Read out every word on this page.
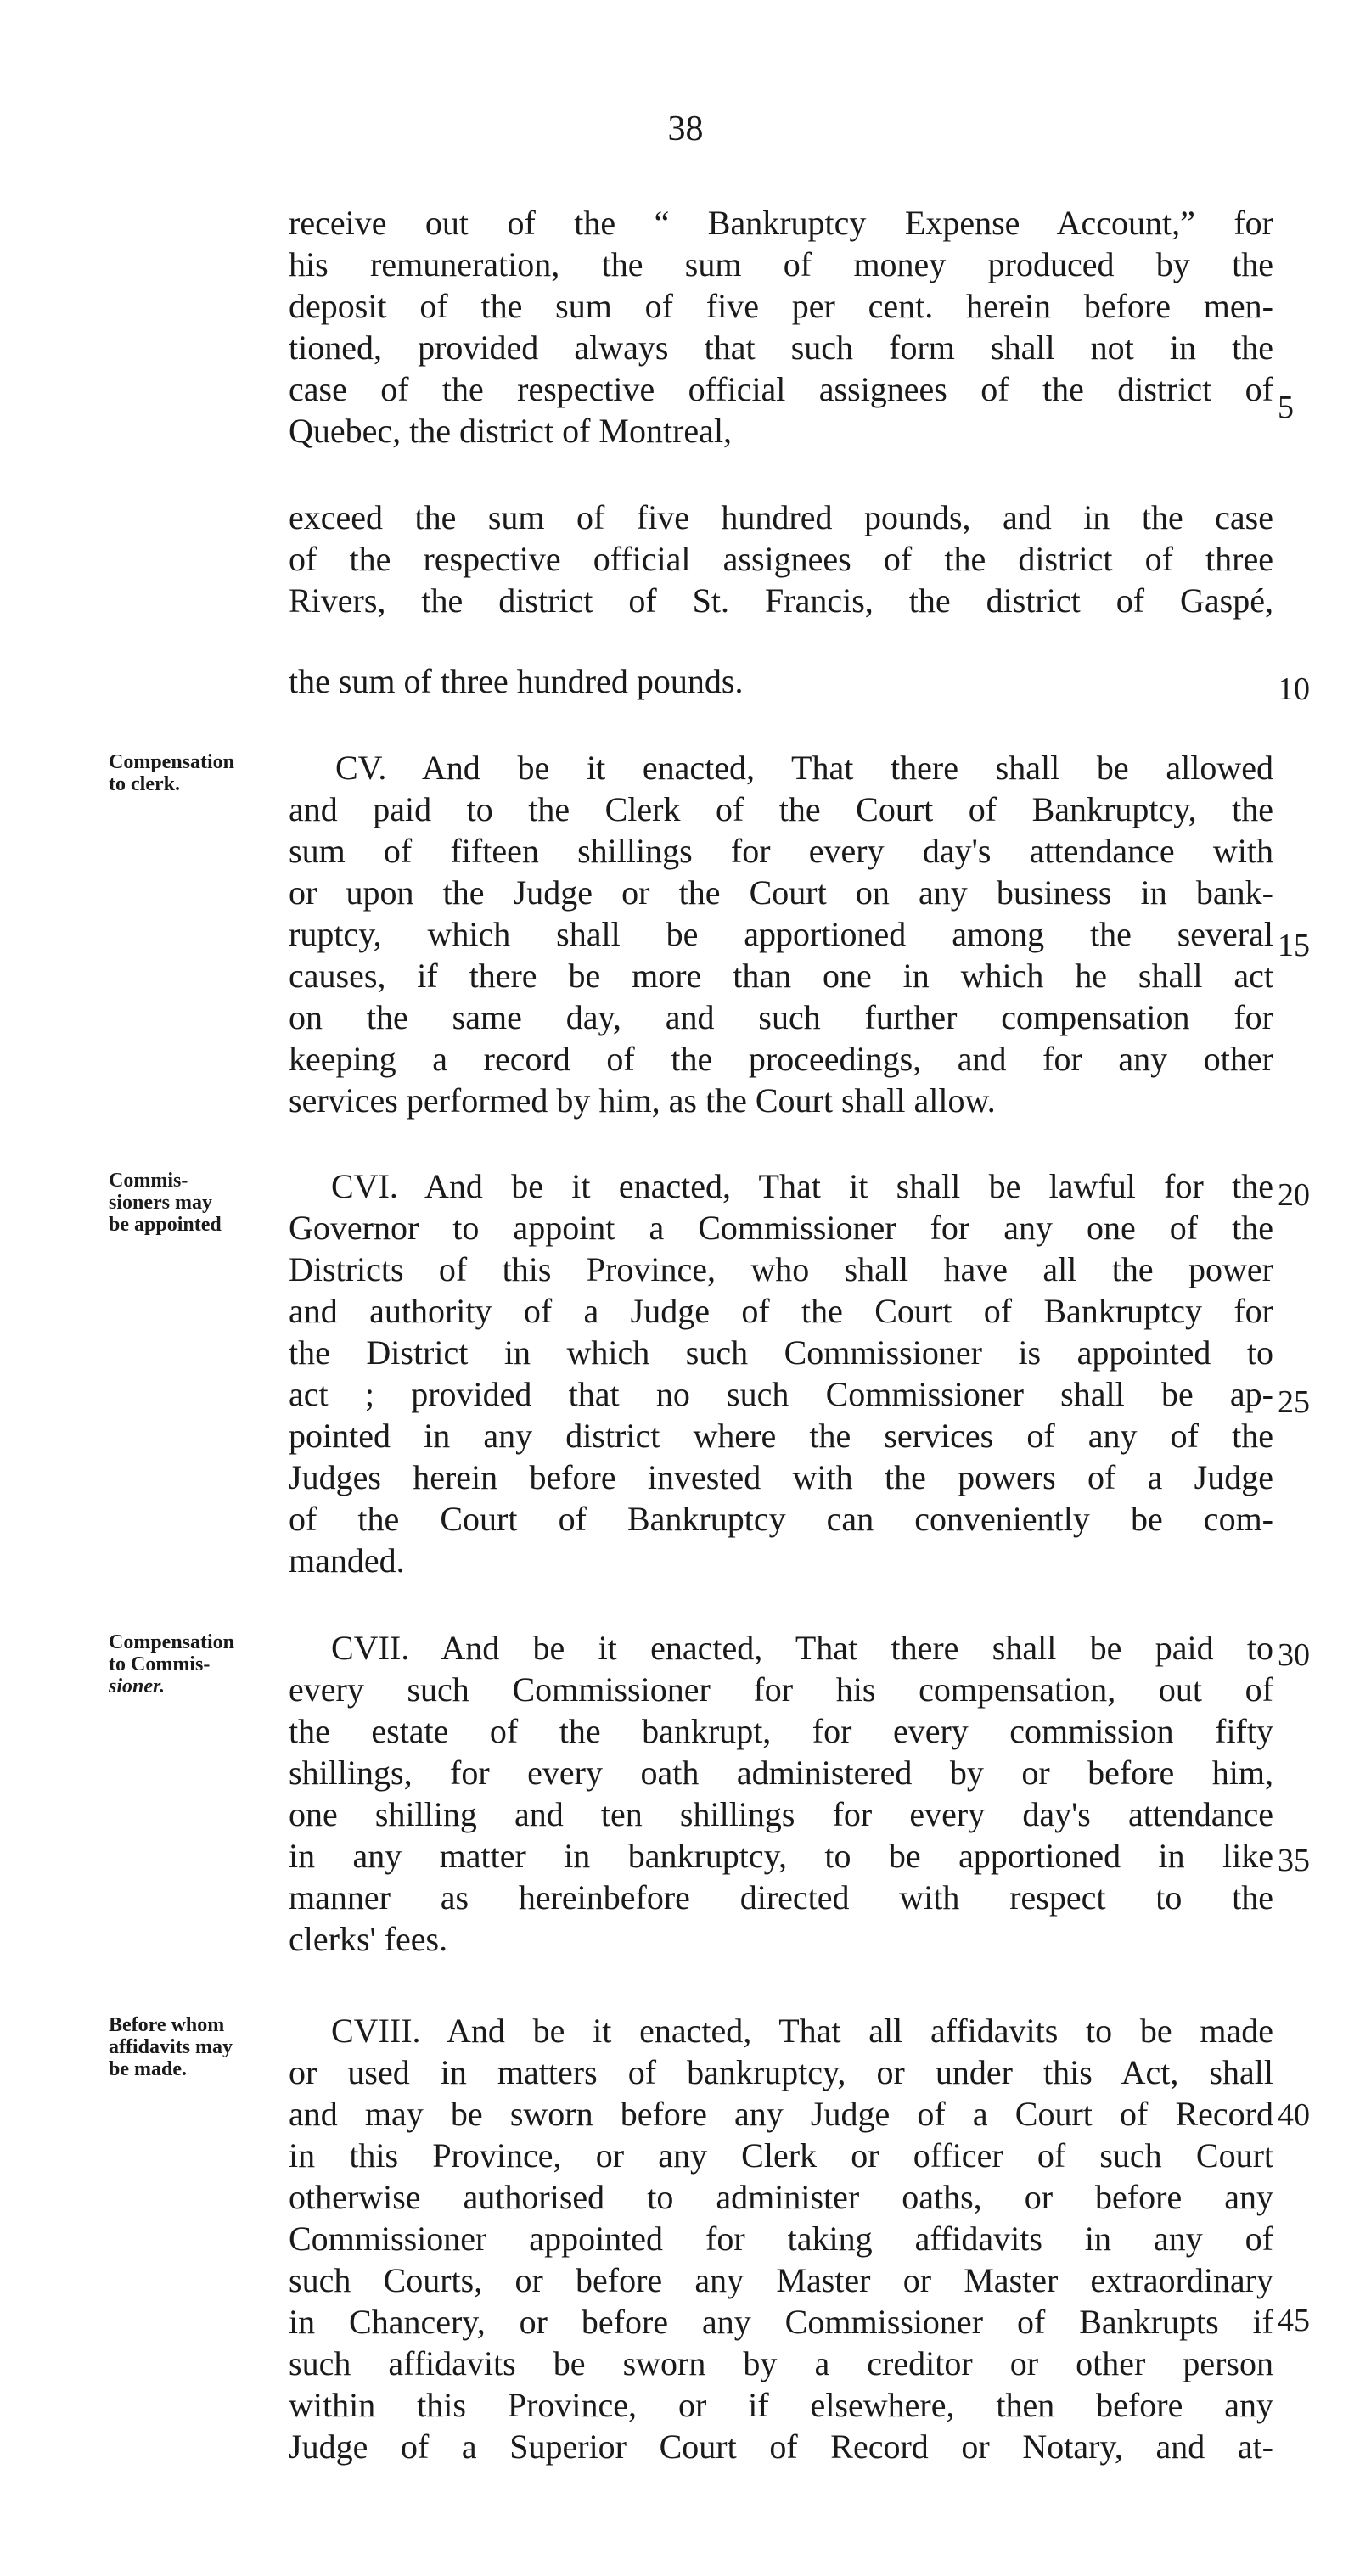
38
receive out of the “ Bankruptcy Expense Account,” for
his remuneration, the sum of money produced by the
deposit of the sum of five per cent. herein before men-
tioned, provided always that such form shall not in the
case of the respective official assignees of the district of
Quebec, the district of Montreal,
exceed the sum of five hundred pounds, and in the case
of the respective official assignees of the district of three
Rivers, the district of St. Francis, the district of Gaspé,
the sum of three hundred pounds.
Compensation
to clerk.	CV. And be it enacted, That there shall be allowed
and paid to the Clerk of the Court of Bankruptcy, the
sum of fifteen shillings for every day's attendance with
or upon the Judge or the Court on any business in bank-
ruptcy, which shall be apportioned among the several
causes, if there be more than one in which he shall act
on the same day, and such further compensation for
keeping a record of the proceedings, and for any other
services performed by him, as the Court shall allow.
Commis-
sioners may
be appointed
CVI. And be it enacted, That it shall be lawful for the
Governor to appoint a Commissioner for any one of the
Districts of this Province, who shall have all the power
and authority of a Judge of the Court of Bankruptcy for
the District in which such Commissioner is appointed to
act ; provided that no such Commissioner shall be ap-
pointed in any district where the services of any of the
Judges herein before invested with the powers of a Judge
of the Court of Bankruptcy can conveniently be com-
manded.
Compensation
to Commis-
sioner.
CVII. And be it enacted, That there shall be paid to
every such Commissioner for his compensation, out of
the estate of the bankrupt, for every commission fifty
shillings, for every oath administered by or before him,
one shilling and ten shillings for every day's attendance
in any matter in bankruptcy, to be apportioned in like
manner as hereinbefore directed with respect to the
clerks' fees.
Before whom
affidavits may
be made.
CVIII. And be it enacted, That all affidavits to be made
or used in matters of bankruptcy, or under this Act, shall
and may be sworn before any Judge of a Court of Record
in this Province, or any Clerk or officer of such Court
otherwise authorised to administer oaths, or before any
Commissioner appointed for taking affidavits in any of
such Courts, or before any Master or Master extraordinary
in Chancery, or before any Commissioner of Bankrupts if
such affidavits be sworn by a creditor or other person
within this Province, or if elsewhere, then before any
Judge of a Superior Court of Record or Notary, and at-
5
10
15
20
25
30
35
40
45
